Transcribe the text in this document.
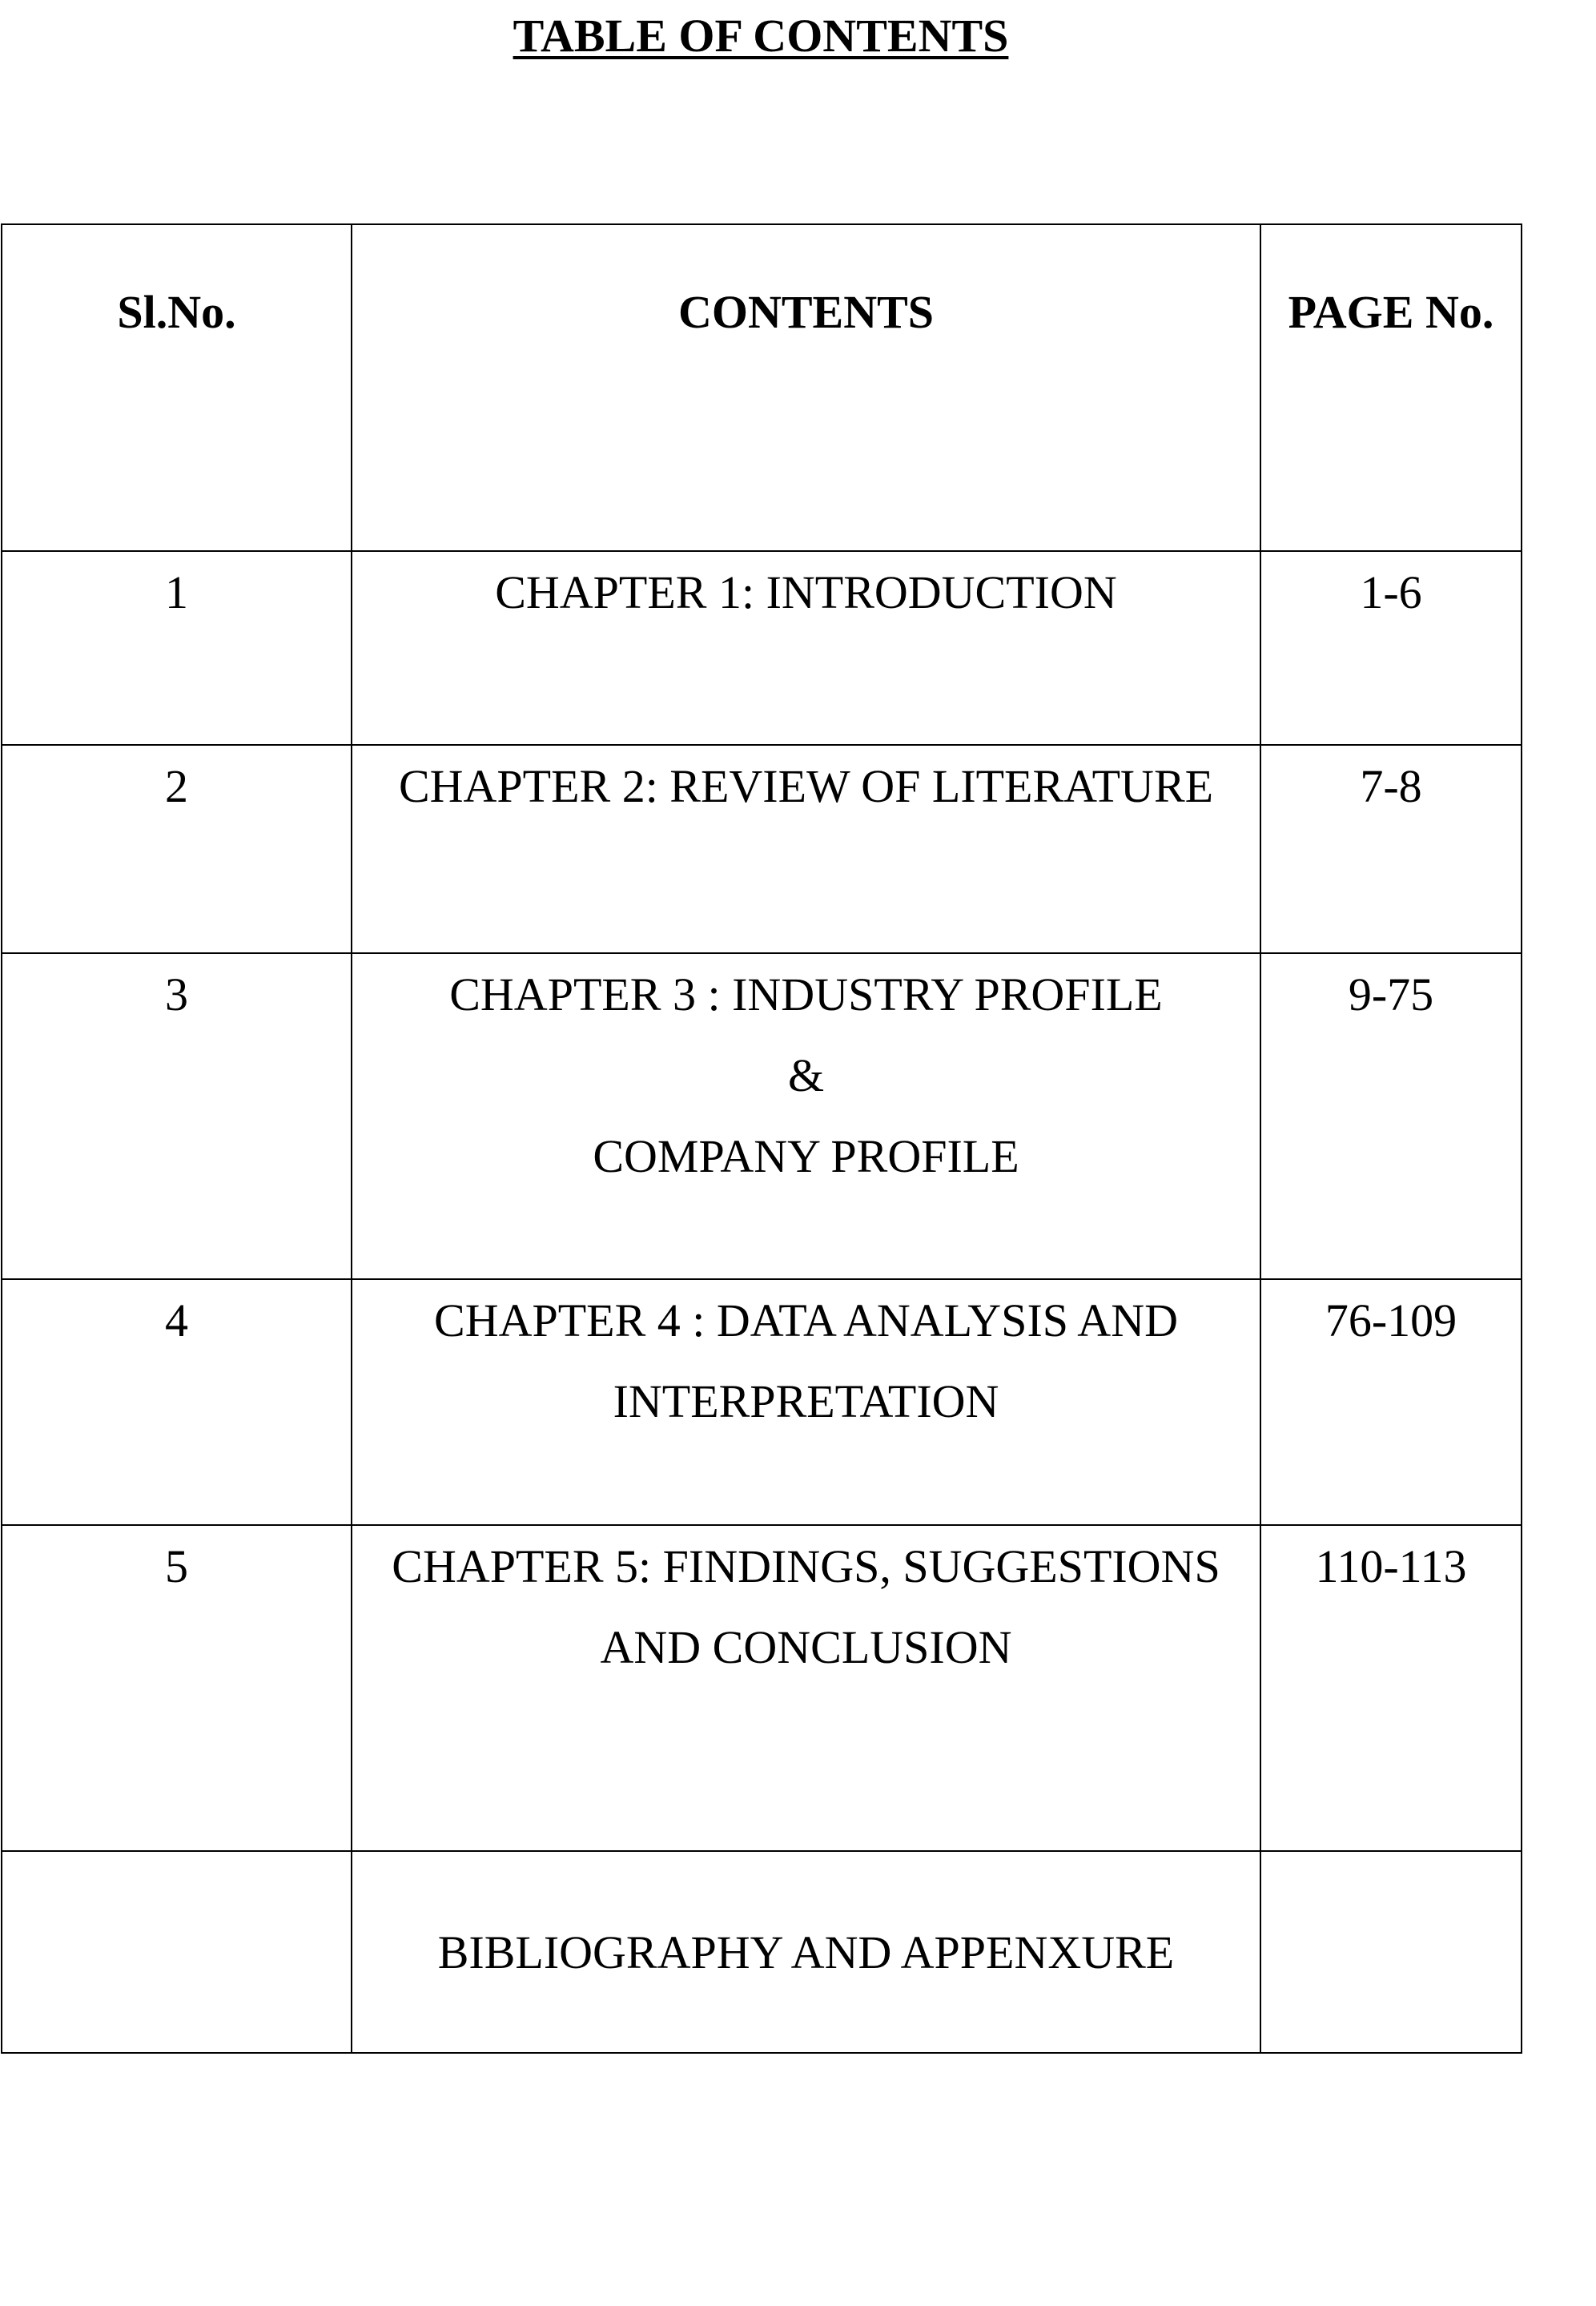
TABLE OF CONTENTS
Sl.No.	CONTENTS	PAGE No.
1	CHAPTER 1: INTRODUCTION	1-6
2	CHAPTER 2: REVIEW OF LITERATURE	7-8
3	CHAPTER 3 : INDUSTRY PROFILE
&
COMPANY PROFILE	9-75
4	CHAPTER 4 : DATA ANALYSIS AND
INTERPRETATION	76-109
5	CHAPTER 5: FINDINGS, SUGGESTIONS
AND CONCLUSION	110-113

	BIBLIOGRAPHY AND APPENXURE	
